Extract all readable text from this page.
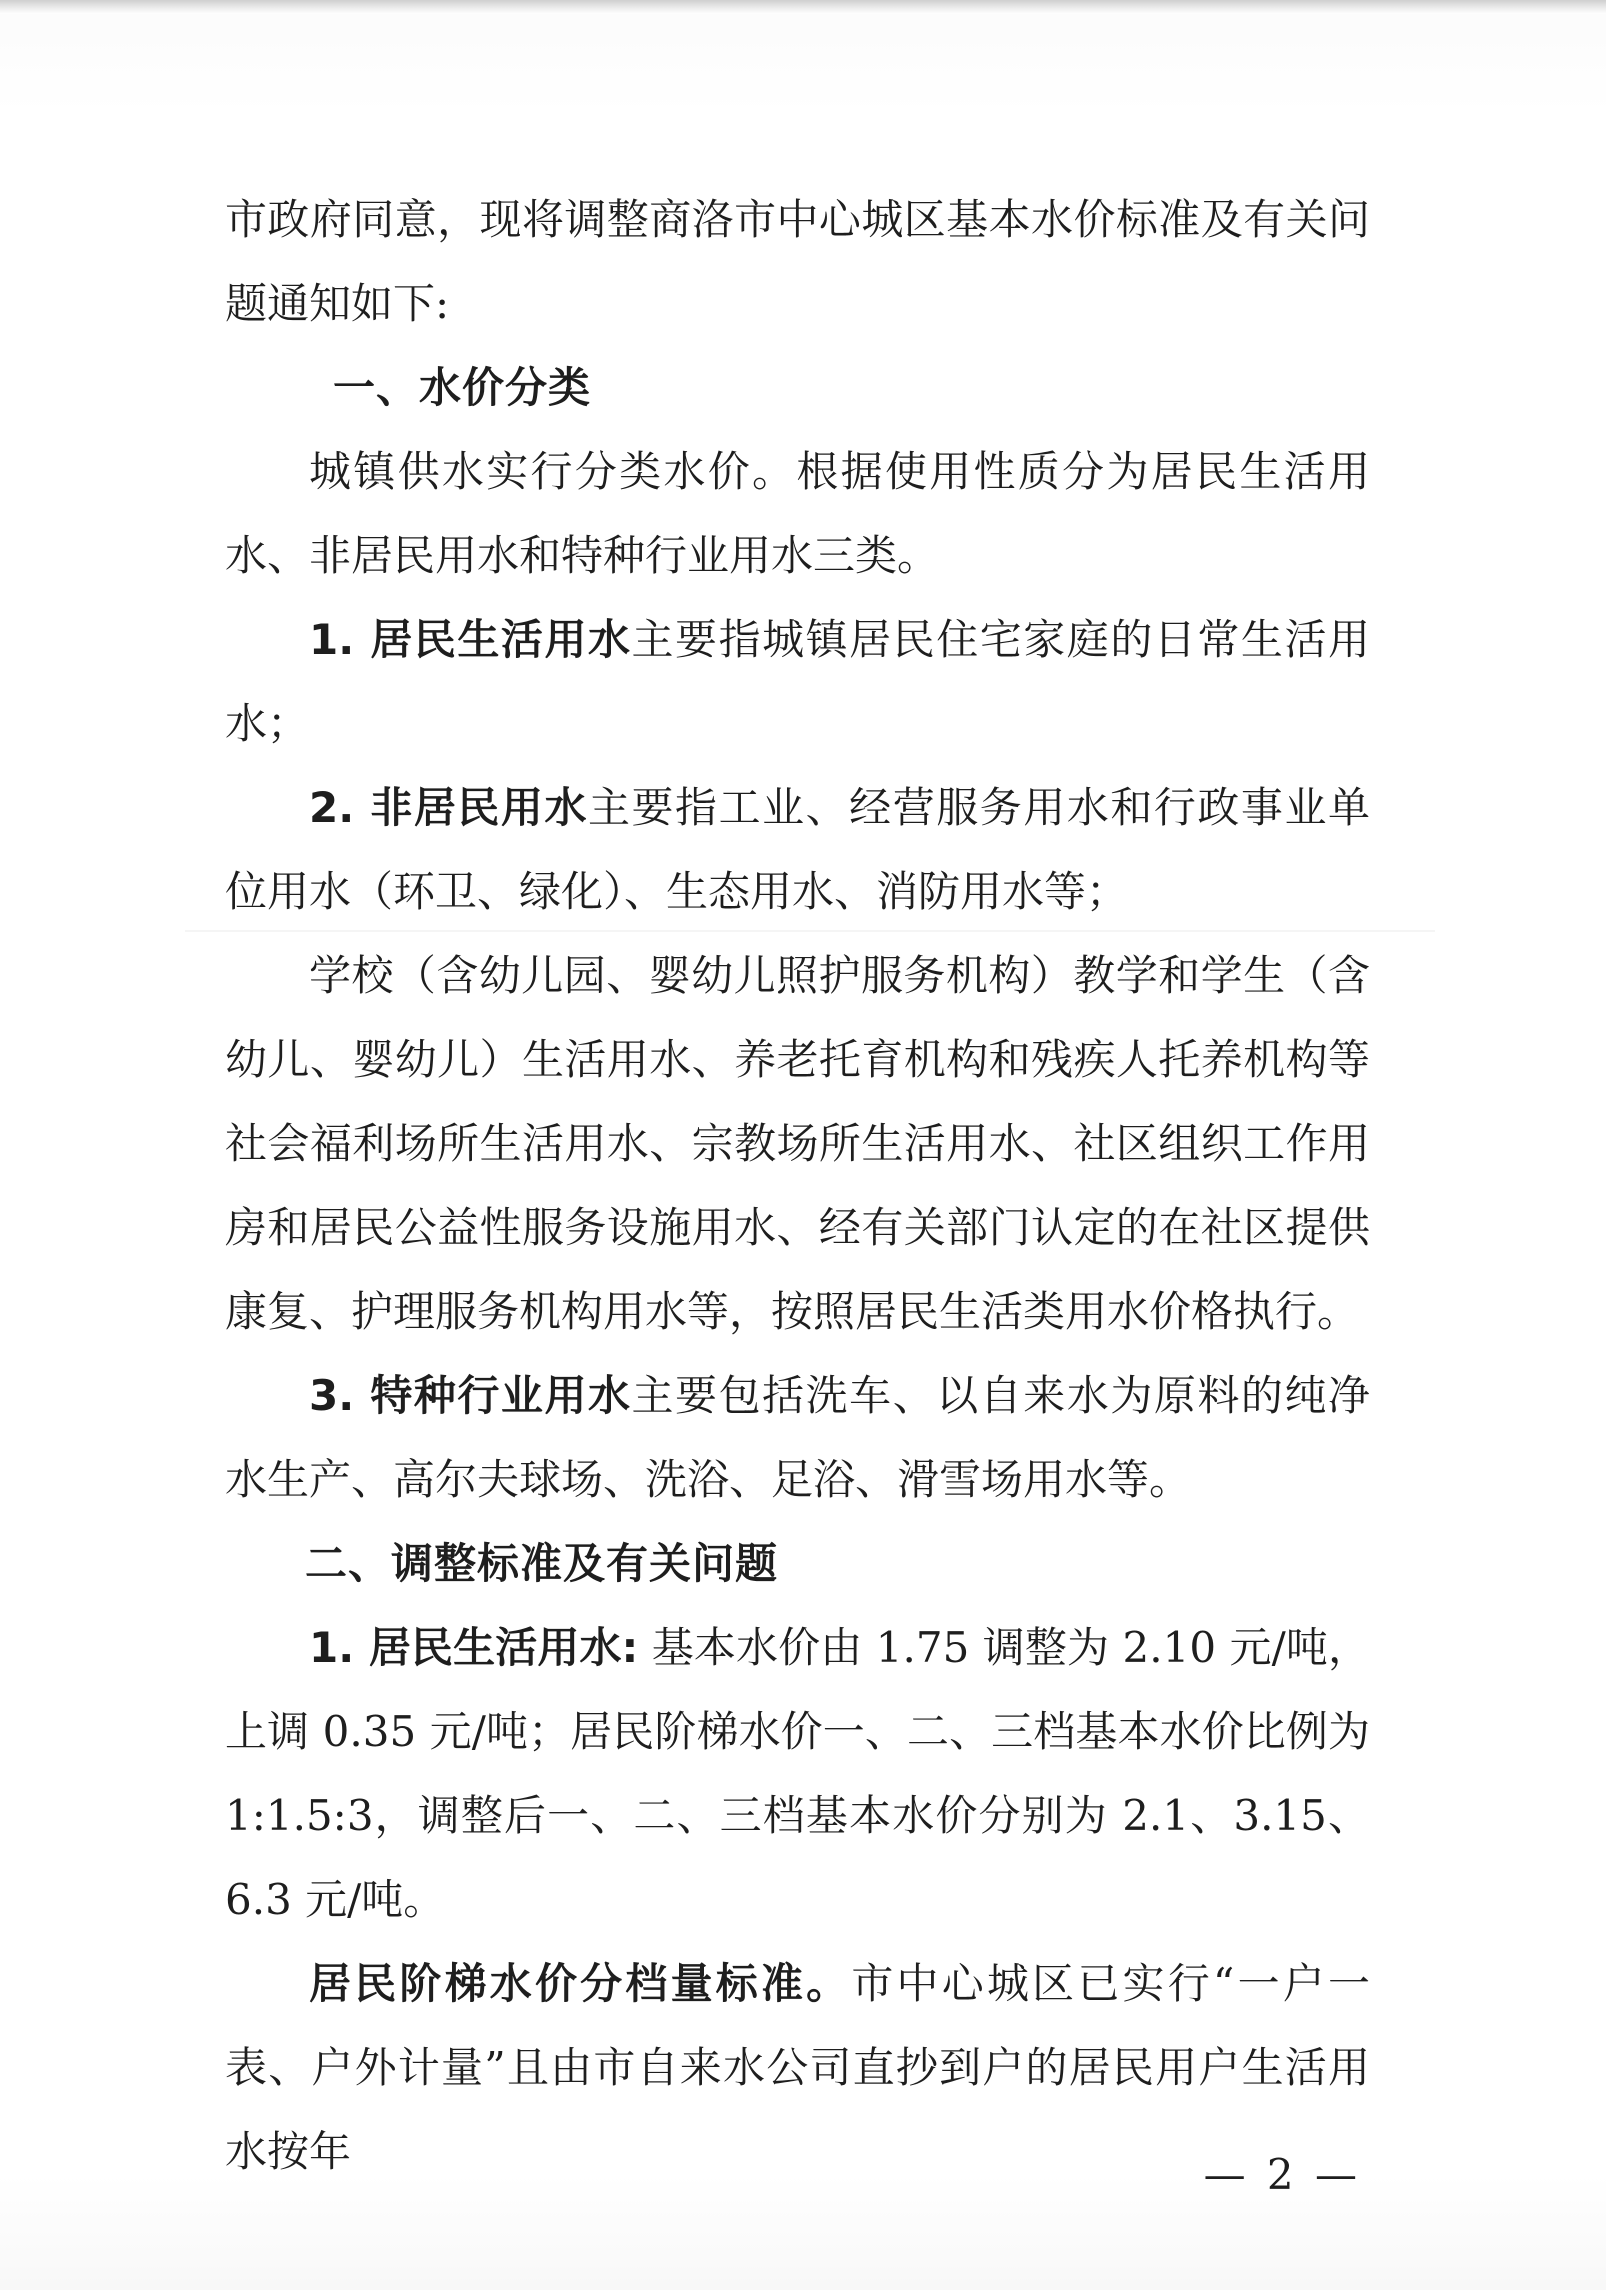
市政府同意，现将调整商洛市中心城区基本水价标准及有关问题通知如下:

一、水价分类

城镇供水实行分类水价。根据使用性质分为居民生活用水、非居民用水和特种行业用水三类。

1. 居民生活用水主要指城镇居民住宅家庭的日常生活用水；

2. 非居民用水主要指工业、经营服务用水和行政事业单位用水（环卫、绿化）、生态用水、消防用水等；

学校（含幼儿园、婴幼儿照护服务机构）教学和学生（含幼儿、婴幼儿）生活用水、养老托育机构和残疾人托养机构等社会福利场所生活用水、宗教场所生活用水、社区组织工作用房和居民公益性服务设施用水、经有关部门认定的在社区提供康复、护理服务机构用水等，按照居民生活类用水价格执行。

3. 特种行业用水主要包括洗车、以自来水为原料的纯净水生产、高尔夫球场、洗浴、足浴、滑雪场用水等。

二、调整标准及有关问题

1. 居民生活用水: 基本水价由 1.75 调整为 2.10 元/吨，上调 0.35 元/吨；居民阶梯水价一、二、三档基本水价比例为 1:1.5:3，调整后一、二、三档基本水价分别为 2.1、3.15、6.3 元/吨。

居民阶梯水价分档量标准。市中心城区已实行“一户一表、户外计量”且由市自来水公司直抄到户的居民用户生活用水按年	— 2 —
